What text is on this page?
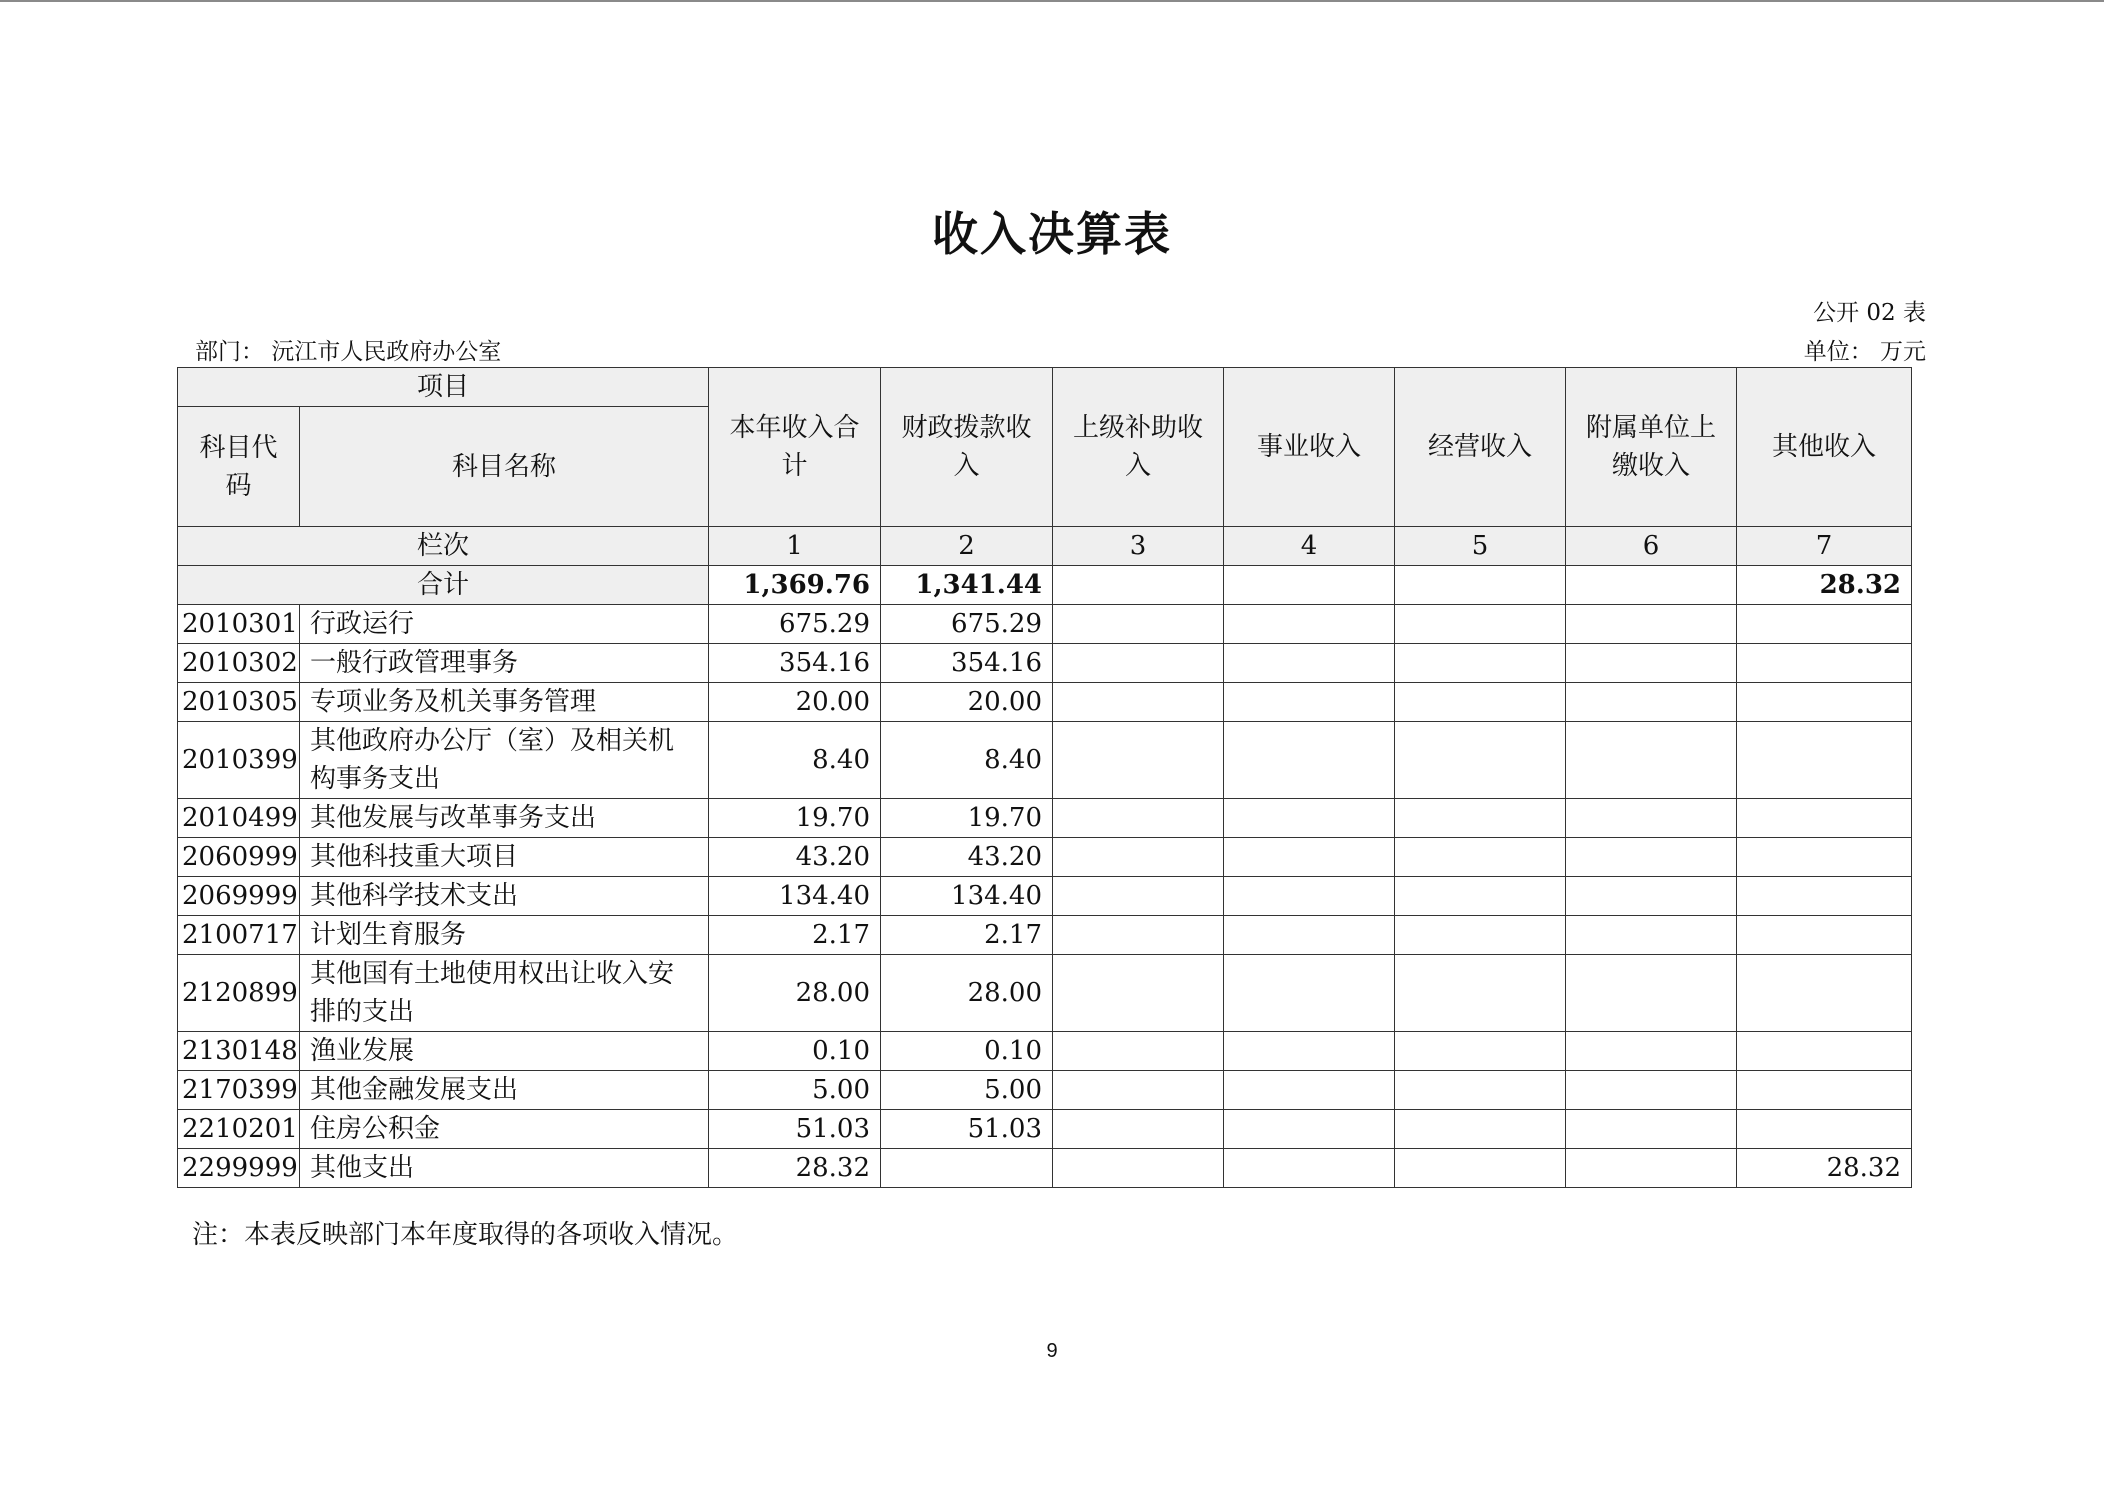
收入决算表
公开 02 表
部门： 沅江市人民政府办公室	单位： 万元
项目		本年收入合计	财政拨款收入	上级补助收入	事业收入	经营收入	附属单位上缴收入	其他收入
科目代码	科目名称							
栏次		1	2	3	4	5	6	7
合计		1,369.76	1,341.44					28.32
2010301	行政运行	675.29	675.29					
2010302	一般行政管理事务	354.16	354.16					
2010305	专项业务及机关事务管理	20.00	20.00					
2010399	其他政府办公厅（室）及相关机构事务支出	8.40	8.40					
2010499	其他发展与改革事务支出	19.70	19.70					
2060999	其他科技重大项目	43.20	43.20					
2069999	其他科学技术支出	134.40	134.40					
2100717	计划生育服务	2.17	2.17					
2120899	其他国有土地使用权出让收入安排的支出	28.00	28.00					
2130148	渔业发展	0.10	0.10					
2170399	其他金融发展支出	5.00	5.00					
2210201	住房公积金	51.03	51.03					
2299999	其他支出	28.32						28.32
注：本表反映部门本年度取得的各项收入情况。
9
